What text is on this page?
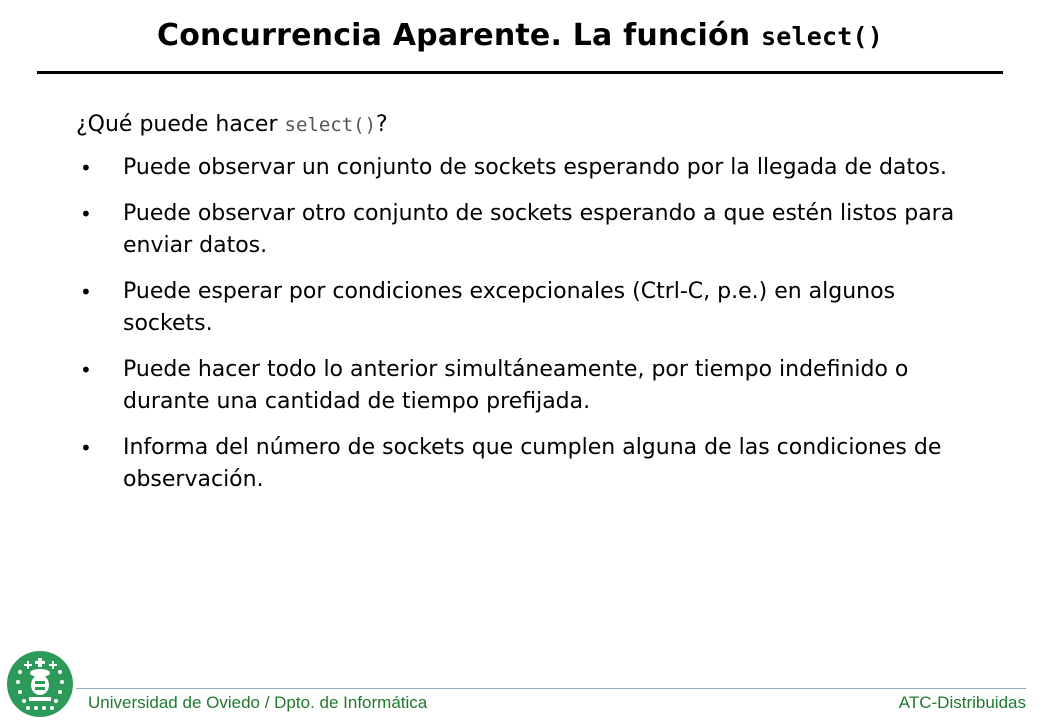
Concurrencia Aparente. La función select()
¿Qué puede hacer select()?
• Puede observar un conjunto de sockets esperando por la llegada de datos.
• Puede observar otro conjunto de sockets esperando a que estén listos para enviar datos.
• Puede esperar por condiciones excepcionales (Ctrl-C, p.e.) en algunos sockets.
• Puede hacer todo lo anterior simultáneamente, por tiempo indefinido o durante una cantidad de tiempo prefijada.
• Informa del número de sockets que cumplen alguna de las condiciones de observación.
Universidad de Oviedo / Dpto. de Informática	ATC-Distribuidas
